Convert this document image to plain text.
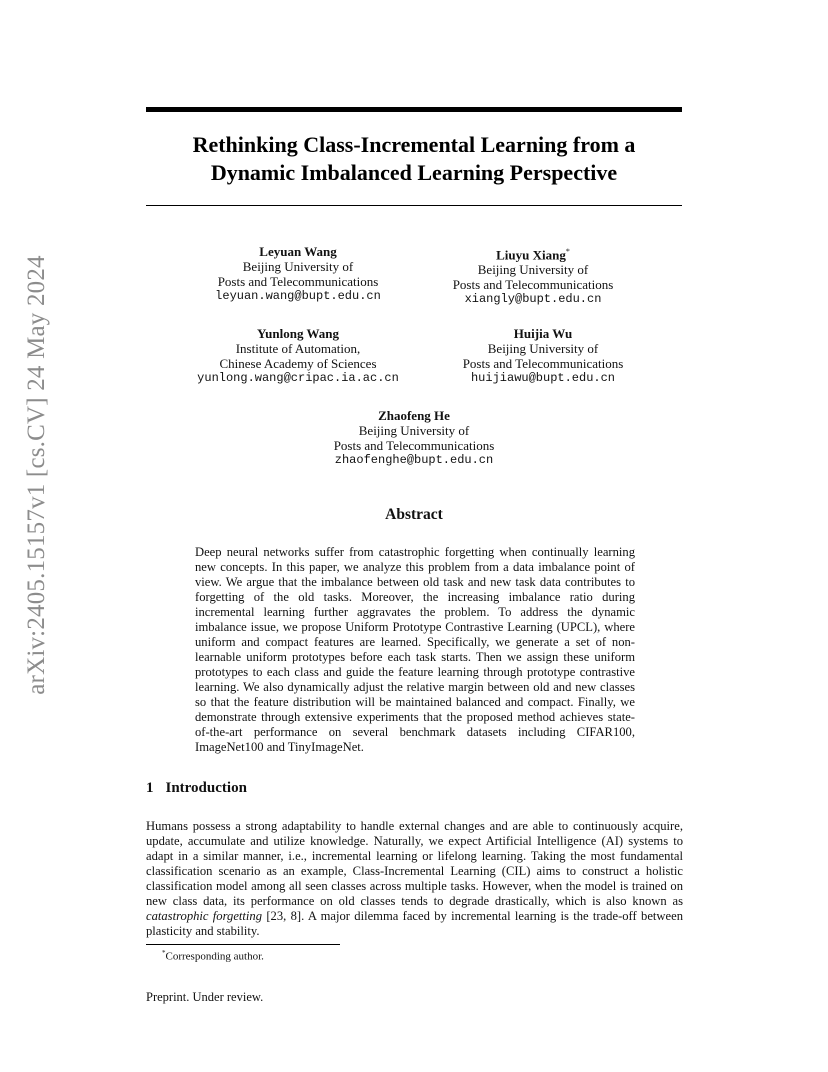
arXiv:2405.15157v1 [cs.CV] 24 May 2024
Rethinking Class-Incremental Learning from a
Dynamic Imbalanced Learning Perspective
Leyuan Wang
Beijing University of
Posts and Telecommunications
leyuan.wang@bupt.edu.cn
Liuyu Xiang*
Beijing University of
Posts and Telecommunications
xiangly@bupt.edu.cn
Yunlong Wang
Institute of Automation,
Chinese Academy of Sciences
yunlong.wang@cripac.ia.ac.cn
Huijia Wu
Beijing University of
Posts and Telecommunications
huijiawu@bupt.edu.cn
Zhaofeng He
Beijing University of
Posts and Telecommunications
zhaofenghe@bupt.edu.cn
Abstract
Deep neural networks suffer from catastrophic forgetting when continually learning new concepts. In this paper, we analyze this problem from a data imbalance point of view. We argue that the imbalance between old task and new task data contributes to forgetting of the old tasks. Moreover, the increasing imbalance ratio during incremental learning further aggravates the problem. To address the dynamic imbalance issue, we propose Uniform Prototype Contrastive Learning (UPCL), where uniform and compact features are learned. Specifically, we generate a set of non-learnable uniform prototypes before each task starts. Then we assign these uniform prototypes to each class and guide the feature learning through prototype contrastive learning. We also dynamically adjust the relative margin between old and new classes so that the feature distribution will be maintained balanced and compact. Finally, we demonstrate through extensive experiments that the proposed method achieves state-of-the-art performance on several benchmark datasets including CIFAR100, ImageNet100 and TinyImageNet.
1 Introduction
Humans possess a strong adaptability to handle external changes and are able to continuously acquire, update, accumulate and utilize knowledge. Naturally, we expect Artificial Intelligence (AI) systems to adapt in a similar manner, i.e., incremental learning or lifelong learning. Taking the most fundamental classification scenario as an example, Class-Incremental Learning (CIL) aims to construct a holistic classification model among all seen classes across multiple tasks. However, when the model is trained on new class data, its performance on old classes tends to degrade drastically, which is also known as catastrophic forgetting [23, 8]. A major dilemma faced by incremental learning is the trade-off between plasticity and stability.
*Corresponding author.
Preprint. Under review.
